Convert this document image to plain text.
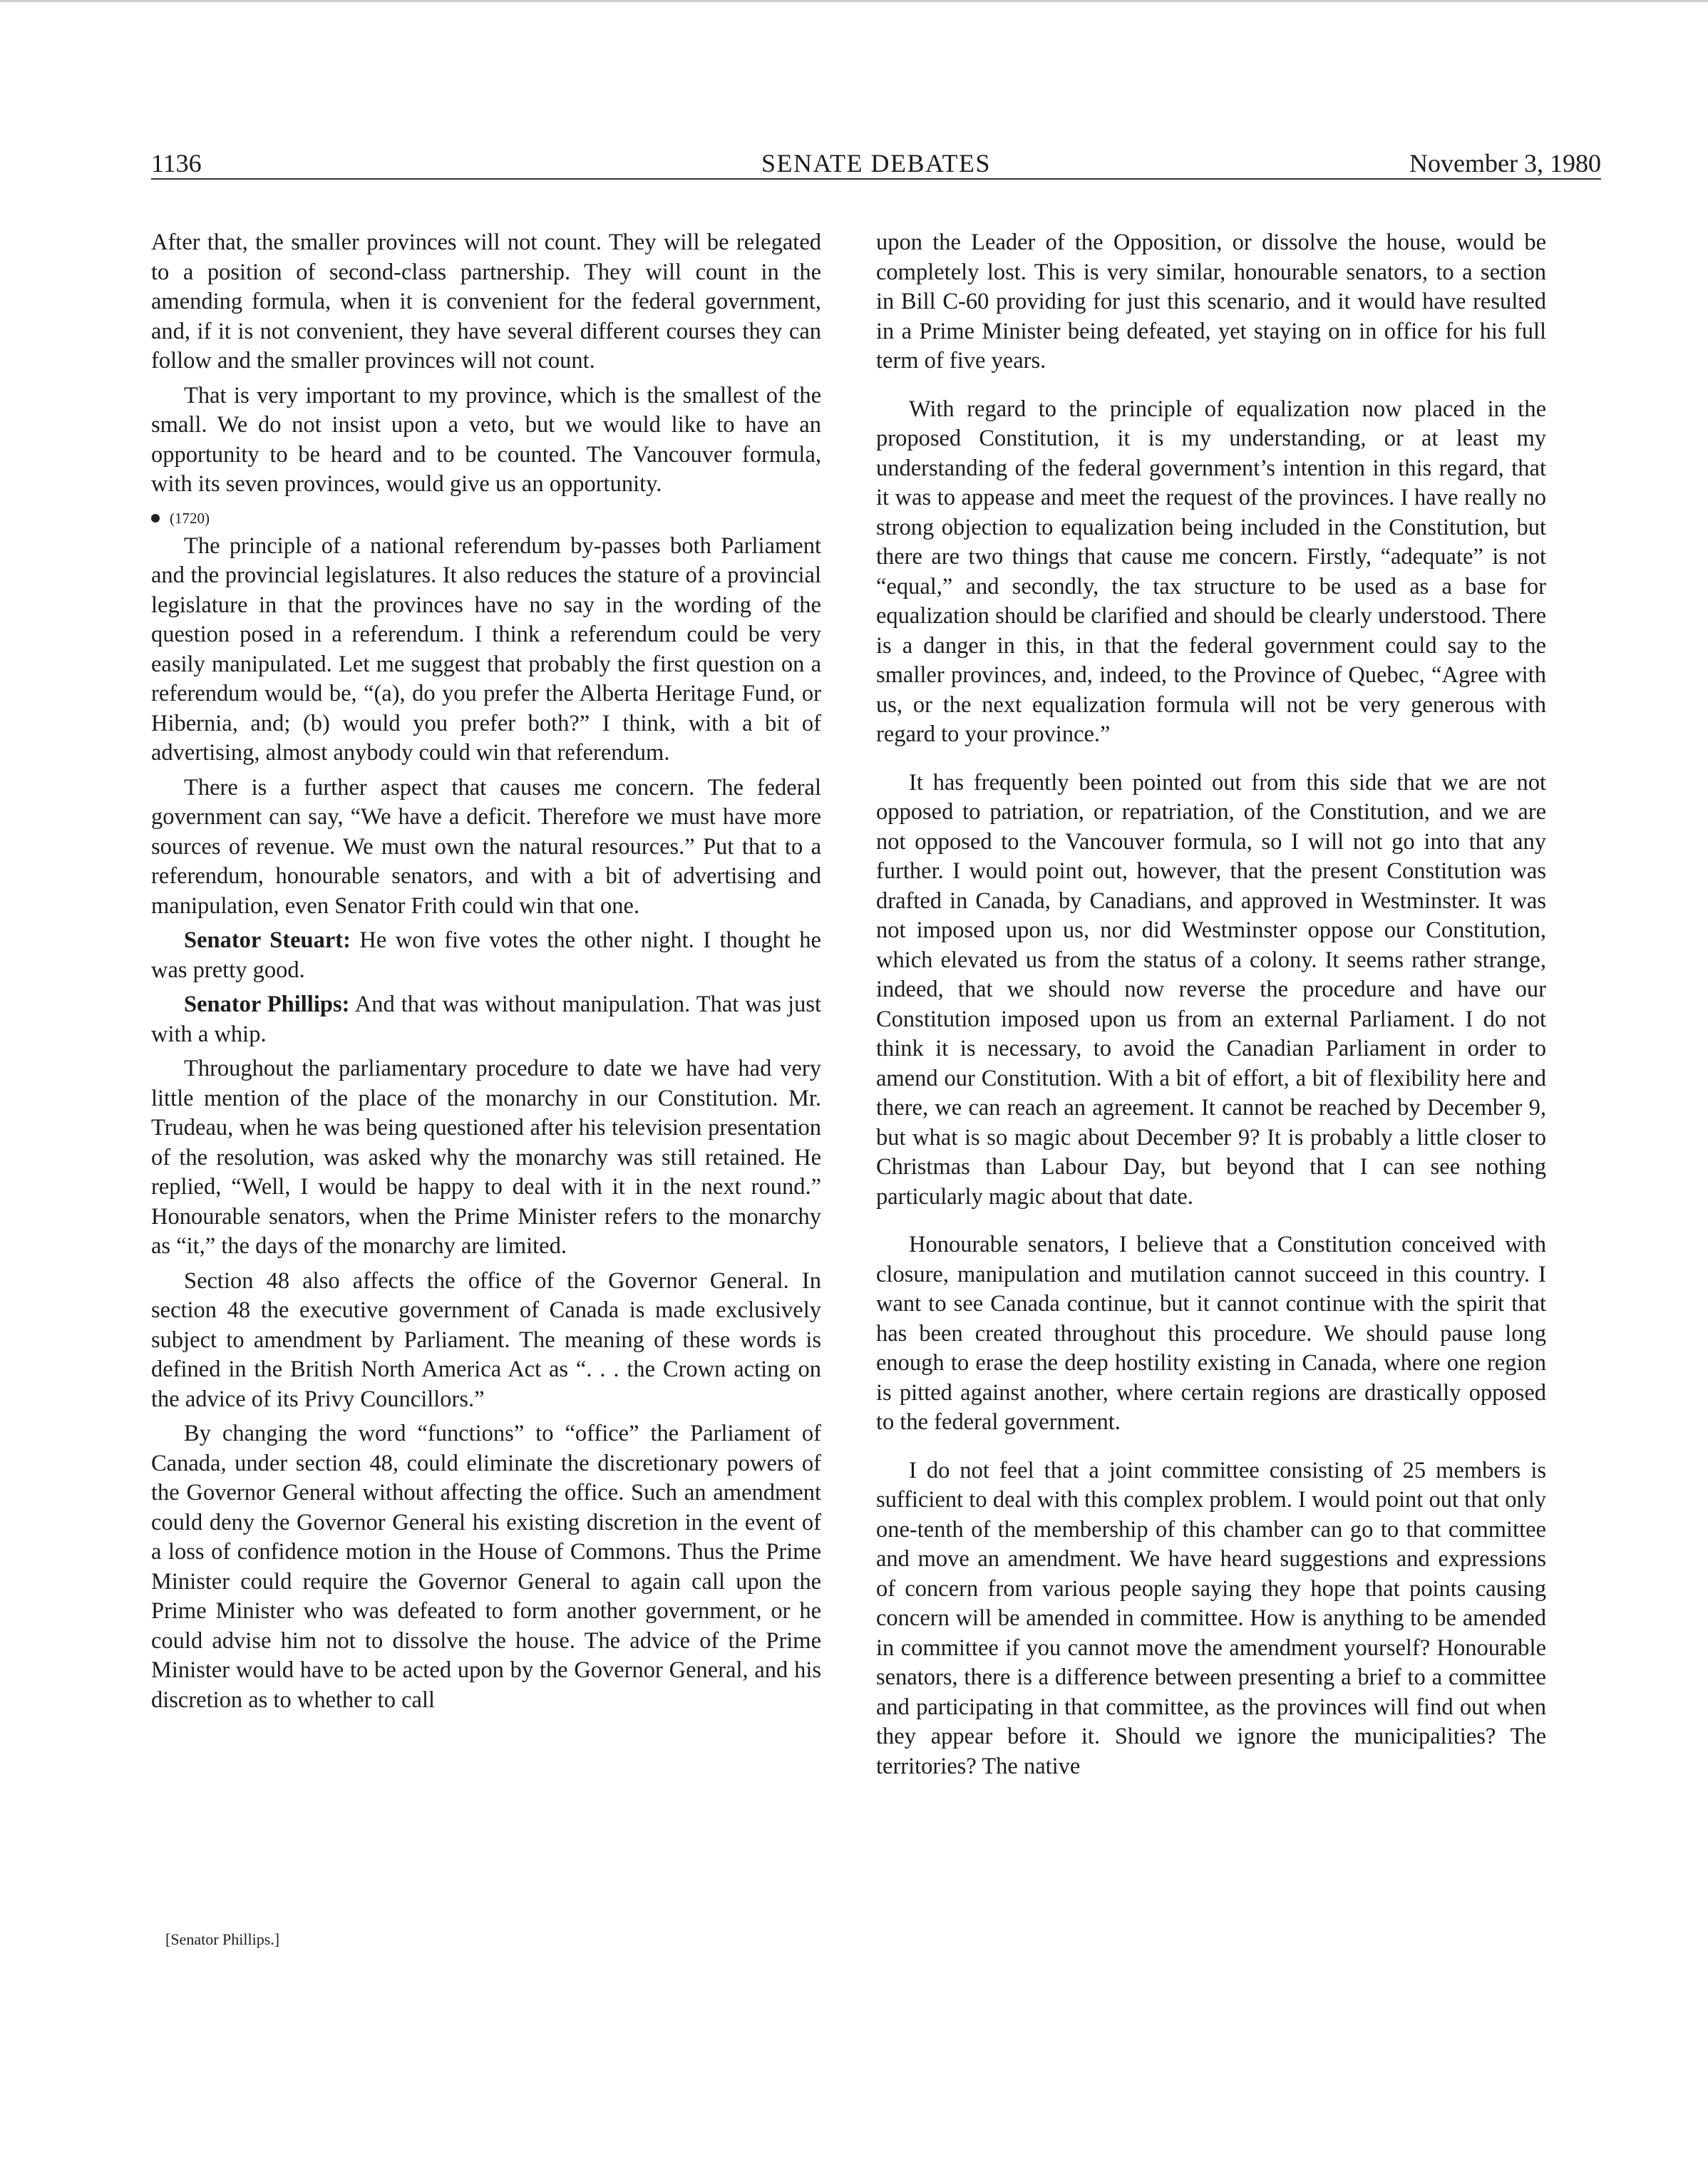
1136	SENATE DEBATES	November 3, 1980

After that, the smaller provinces will not count. They will be relegated to a position of second-class partnership. They will count in the amending formula, when it is convenient for the federal government, and, if it is not convenient, they have several different courses they can follow and the smaller provinces will not count.

That is very important to my province, which is the smallest of the small. We do not insist upon a veto, but we would like to have an opportunity to be heard and to be counted. The Vancouver formula, with its seven provinces, would give us an opportunity.

(1720)

The principle of a national referendum by-passes both Parliament and the provincial legislatures. It also reduces the stature of a provincial legislature in that the provinces have no say in the wording of the question posed in a referendum. I think a referendum could be very easily manipulated. Let me suggest that probably the first question on a referendum would be, “(a), do you prefer the Alberta Heritage Fund, or Hibernia, and; (b) would you prefer both?” I think, with a bit of advertising, almost anybody could win that referendum.

There is a further aspect that causes me concern. The federal government can say, “We have a deficit. Therefore we must have more sources of revenue. We must own the natural resources.” Put that to a referendum, honourable senators, and with a bit of advertising and manipulation, even Senator Frith could win that one.

Senator Steuart: He won five votes the other night. I thought he was pretty good.

Senator Phillips: And that was without manipulation. That was just with a whip.

Throughout the parliamentary procedure to date we have had very little mention of the place of the monarchy in our Constitution. Mr. Trudeau, when he was being questioned after his television presentation of the resolution, was asked why the monarchy was still retained. He replied, “Well, I would be happy to deal with it in the next round.” Honourable senators, when the Prime Minister refers to the monarchy as “it,” the days of the monarchy are limited.

Section 48 also affects the office of the Governor General. In section 48 the executive government of Canada is made exclusively subject to amendment by Parliament. The meaning of these words is defined in the British North America Act as “. . . the Crown acting on the advice of its Privy Councillors.”

By changing the word “functions” to “office” the Parliament of Canada, under section 48, could eliminate the discretionary powers of the Governor General without affecting the office. Such an amendment could deny the Governor General his existing discretion in the event of a loss of confidence motion in the House of Commons. Thus the Prime Minister could require the Governor General to again call upon the Prime Minister who was defeated to form another government, or he could advise him not to dissolve the house. The advice of the Prime Minister would have to be acted upon by the Governor General, and his discretion as to whether to call

[Senator Phillips.]

upon the Leader of the Opposition, or dissolve the house, would be completely lost. This is very similar, honourable senators, to a section in Bill C-60 providing for just this scenario, and it would have resulted in a Prime Minister being defeated, yet staying on in office for his full term of five years.

With regard to the principle of equalization now placed in the proposed Constitution, it is my understanding, or at least my understanding of the federal government’s intention in this regard, that it was to appease and meet the request of the provinces. I have really no strong objection to equalization being included in the Constitution, but there are two things that cause me concern. Firstly, “adequate” is not “equal,” and secondly, the tax structure to be used as a base for equalization should be clarified and should be clearly understood. There is a danger in this, in that the federal government could say to the smaller provinces, and, indeed, to the Province of Quebec, “Agree with us, or the next equalization formula will not be very generous with regard to your province.”

It has frequently been pointed out from this side that we are not opposed to patriation, or repatriation, of the Constitution, and we are not opposed to the Vancouver formula, so I will not go into that any further. I would point out, however, that the present Constitution was drafted in Canada, by Canadians, and approved in Westminster. It was not imposed upon us, nor did Westminster oppose our Constitution, which elevated us from the status of a colony. It seems rather strange, indeed, that we should now reverse the procedure and have our Constitution imposed upon us from an external Parliament. I do not think it is necessary, to avoid the Canadian Parliament in order to amend our Constitution. With a bit of effort, a bit of flexibility here and there, we can reach an agreement. It cannot be reached by December 9, but what is so magic about December 9? It is probably a little closer to Christmas than Labour Day, but beyond that I can see nothing particularly magic about that date.

Honourable senators, I believe that a Constitution conceived with closure, manipulation and mutilation cannot succeed in this country. I want to see Canada continue, but it cannot continue with the spirit that has been created throughout this procedure. We should pause long enough to erase the deep hostility existing in Canada, where one region is pitted against another, where certain regions are drastically opposed to the federal government.

I do not feel that a joint committee consisting of 25 members is sufficient to deal with this complex problem. I would point out that only one-tenth of the membership of this chamber can go to that committee and move an amendment. We have heard suggestions and expressions of concern from various people saying they hope that points causing concern will be amended in committee. How is anything to be amended in committee if you cannot move the amendment yourself? Honourable senators, there is a difference between presenting a brief to a committee and participating in that committee, as the provinces will find out when they appear before it. Should we ignore the municipalities? The territories? The native
